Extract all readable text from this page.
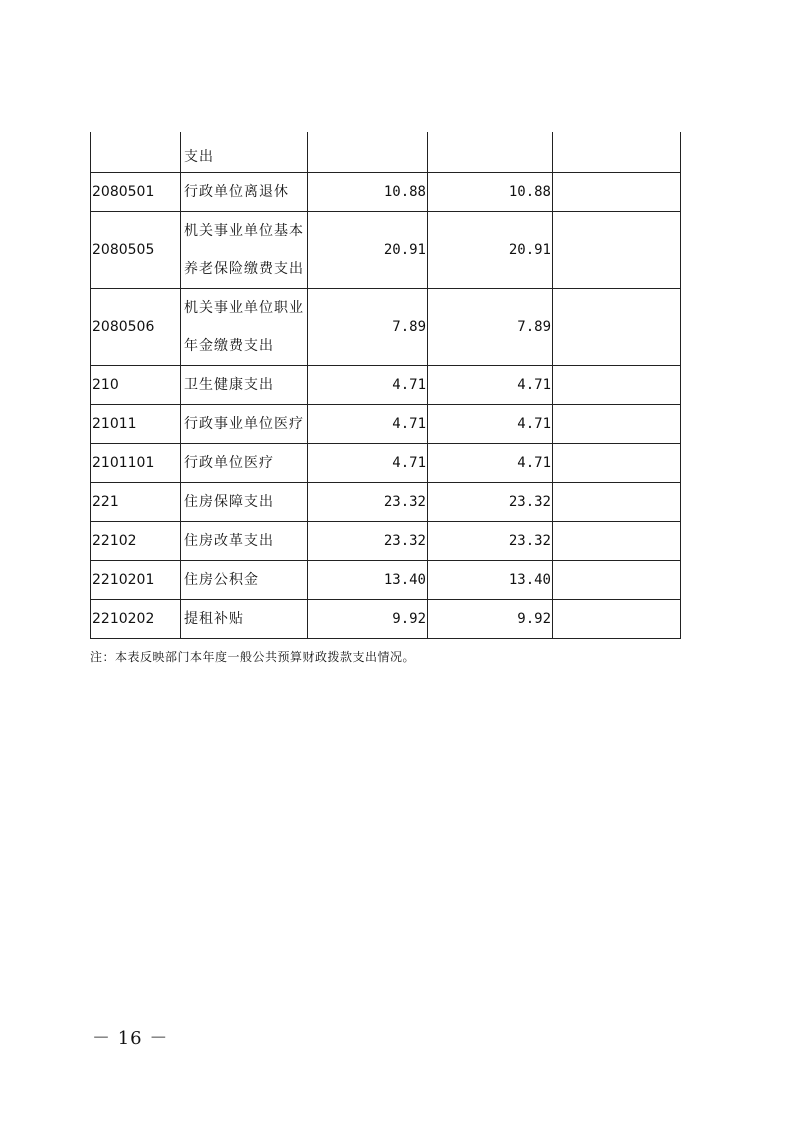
	支出			

2080501	行政单位离退休	10.88	10.88	
2080505	机关事业单位基本
养老保险缴费支出	20.91	20.91	
2080506	机关事业单位职业
年金缴费支出	7.89	7.89	
210	卫生健康支出	4.71	4.71	
21011	行政事业单位医疗	4.71	4.71	
2101101	行政单位医疗	4.71	4.71	
221	住房保障支出	23.32	23.32	
22102	住房改革支出	23.32	23.32	
2210201	住房公积金	13.40	13.40	
2210202	提租补贴	9.92	9.92	
注：本表反映部门本年度一般公共预算财政拨款支出情况。
－ 16 －
